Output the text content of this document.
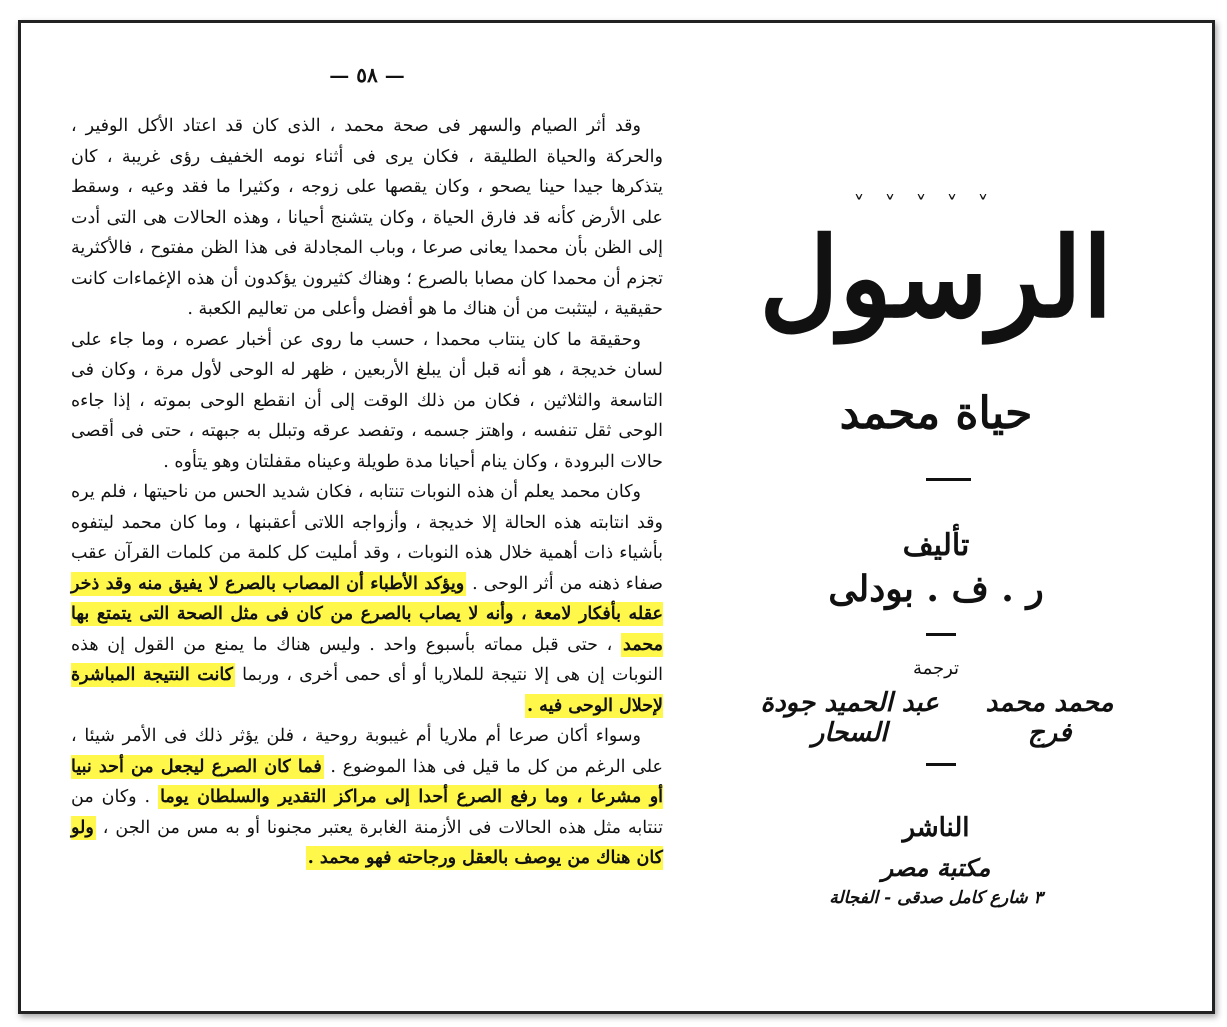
— ٥٨ —

وقد أثر الصيام والسهر فى صحة محمد ، الذى كان قد اعتاد الأكل الوفير ، والحركة والحياة الطليقة ، فكان يرى فى أثناء نومه الخفيف رؤى غريبة ، كان يتذكرها جيدا حينا يصحو ، وكان يقصها على زوجه ، وكثيرا ما فقد وعيه ، وسقط على الأرض كأنه قد فارق الحياة ، وكان يتشنج أحيانا ، وهذه الحالات هى التى أدت إلى الظن بأن محمدا يعانى صرعا ، وباب المجادلة فى هذا الظن مفتوح ، فالأكثرية تجزم أن محمدا كان مصابا بالصرع ؛ وهناك كثيرون يؤكدون أن هذه الإغماءات كانت حقيقية ، ليتثبت من أن هناك ما هو أفضل وأعلى من تعاليم الكعبة .

وحقيقة ما كان ينتاب محمدا ، حسب ما روى عن أخبار عصره ، وما جاء على لسان خديجة ، هو أنه قبل أن يبلغ الأربعين ، ظهر له الوحى لأول مرة ، وكان فى التاسعة والثلاثين ، فكان من ذلك الوقت إلى أن انقطع الوحى بموته ، إذا جاءه الوحى ثقل تنفسه ، واهتز جسمه ، وتفصد عرقه وتبلل به جبهته ، حتى فى أقصى حالات البرودة ، وكان ينام أحيانا مدة طويلة وعيناه مقفلتان وهو يتأوه .

وكان محمد يعلم أن هذه النوبات تنتابه ، فكان شديد الحس من ناحيتها ، فلم يره وقد انتابته هذه الحالة إلا خديجة ، وأزواجه اللاتى أعقبنها ، وما كان محمد ليتفوه بأشياء ذات أهمية خلال هذه النوبات ، وقد أمليت كل كلمة من كلمات القرآن عقب صفاء ذهنه من أثر الوحى . ويؤكد الأطباء أن المصاب بالصرع لا يفيق منه وقد ذخر عقله بأفكار لامعة ، وأنه لا يصاب بالصرع من كان فى مثل الصحة التى يتمتع بها محمد ، حتى قبل مماته بأسبوع واحد . وليس هناك ما يمنع من القول إن هذه النوبات إن هى إلا نتيجة للملاريا أو أى حمى أخرى ، وربما كانت النتيجة المباشرة لإحلال الوحى فيه .

وسواء أكان صرعا أم ملاريا أم غيبوبة روحية ، فلن يؤثر ذلك فى الأمر شيئا ، على الرغم من كل ما قيل فى هذا الموضوع . فما كان الصرع ليجعل من أحد نبيا أو مشرعا ، وما رفع الصرع أحدا إلى مراكز التقدير والسلطان يوما . وكان من تنتابه مثل هذه الحالات فى الأزمنة الغابرة يعتبر مجنونا أو به مس من الجن ، ولو كان هناك من يوصف بالعقل ورجاحته فهو محمد .

˅˅˅˅˅
الرسول
حياة محمد
تأليف
ر . ف . بودلى
ترجمة
محمد محمد فرج
عبد الحميد جودة السحار
الناشر
مكتبة مصر
٣ شارع كامل صدقى - الفجالة
